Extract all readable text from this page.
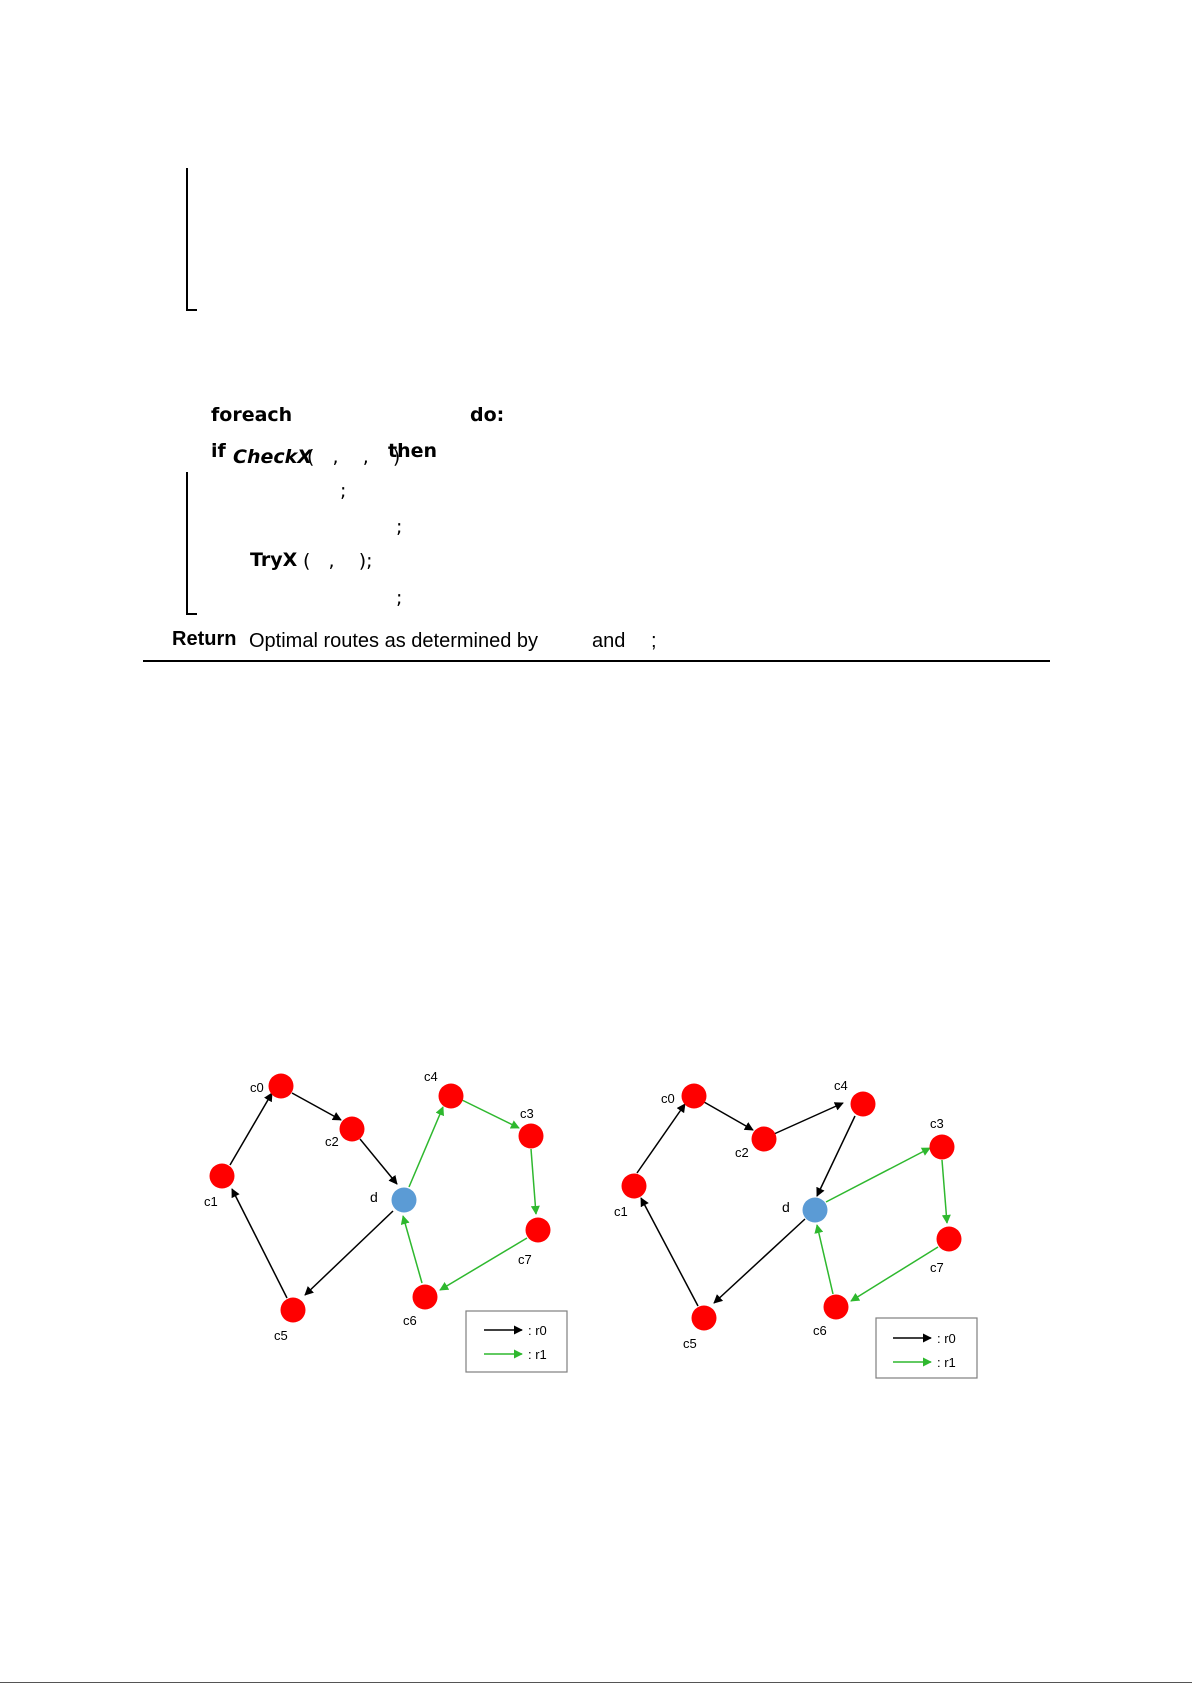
foreach	do:
if CheckX
(   ,    ,    )
then
;
;
TryX (   ,    );
;
Return Optimal routes as determined by	and ;
c0
c2
c4
c3
c1	d
c7
c6
c5	: r0
: r1
c0
c2
c4
c3
c1	d
c7
c6
c5	: r0
: r1
